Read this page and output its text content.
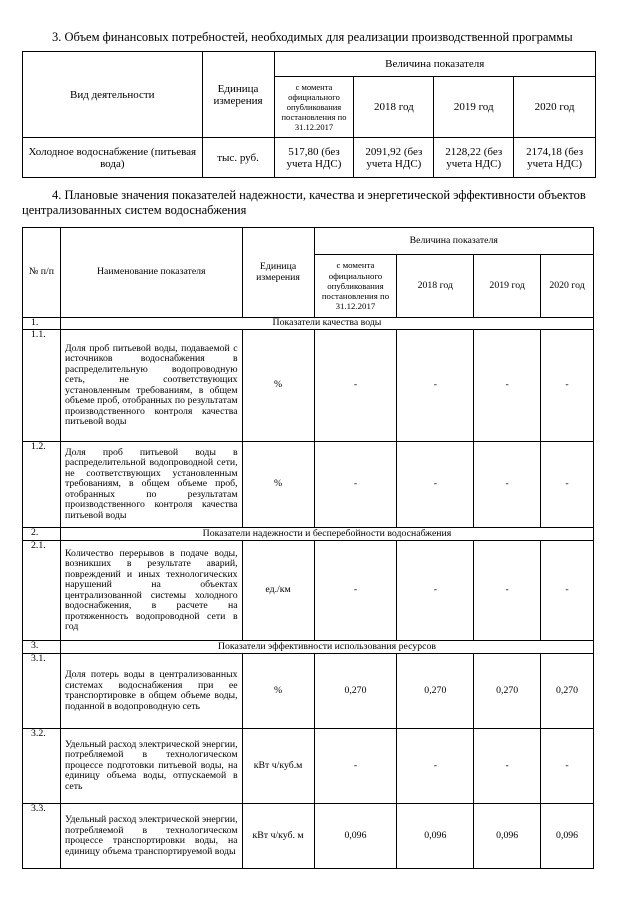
3. Объем финансовых потребностей, необходимых для реализации производственной программы
Вид деятельности	Единица измерения	Величина показателя			
		с момента официального опубликования постановления по 31.12.2017	2018 год	2019 год	2020 год
Холодное водоснабжение (питьевая вода)	тыс. руб.	517,80 (без учета НДС)	2091,92 (без учета НДС)	2128,22 (без учета НДС)	2174,18 (без учета НДС)
4. Плановые значения показателей надежности, качества и энергетической эффективности объектов централизованных систем водоснабжения
№ п/п	Наименование показателя	Единица измерения	Величина показателя			
			с момента официального опубликования постановления по 31.12.2017	2018 год	2019 год	2020 год
1.	Показатели качества воды					
1.1.	Доля проб питьевой воды, подаваемой с источников водоснабжения в распределительную водопроводную сеть, не соответствующих установленным требованиям, в общем объеме проб, отобранных по результатам производственного контроля качества питьевой воды	%	-	-	-	-
1.2.	Доля проб питьевой воды в распределительной водопроводной сети, не соответствующих установленным требованиям, в общем объеме проб, отобранных по результатам производственного контроля качества питьевой воды	%	-	-	-	-
2.	Показатели надежности и бесперебойности водоснабжения					
2.1.	Количество перерывов в подаче воды, возникших в результате аварий, повреждений и иных технологических нарушений на объектах централизованной системы холодного водоснабжения, в расчете на протяженность водопроводной сети в год	ед./км	-	-	-	-
3.	Показатели эффективности использования ресурсов					
3.1.	Доля потерь воды в централизованных системах водоснабжения при ее транспортировке в общем объеме воды, поданной в водопроводную сеть	%	0,270	0,270	0,270	0,270
3.2.	Удельный расход электрической энергии, потребляемой в технологическом процессе подготовки питьевой воды, на единицу объема воды, отпускаемой в сеть	кВт ч/куб.м	-	-	-	-
3.3.	Удельный расход электрической энергии, потребляемой в технологическом процессе транспортировки воды, на единицу объема транспортируемой воды	кВт ч/куб. м	0,096	0,096	0,096	0,096
